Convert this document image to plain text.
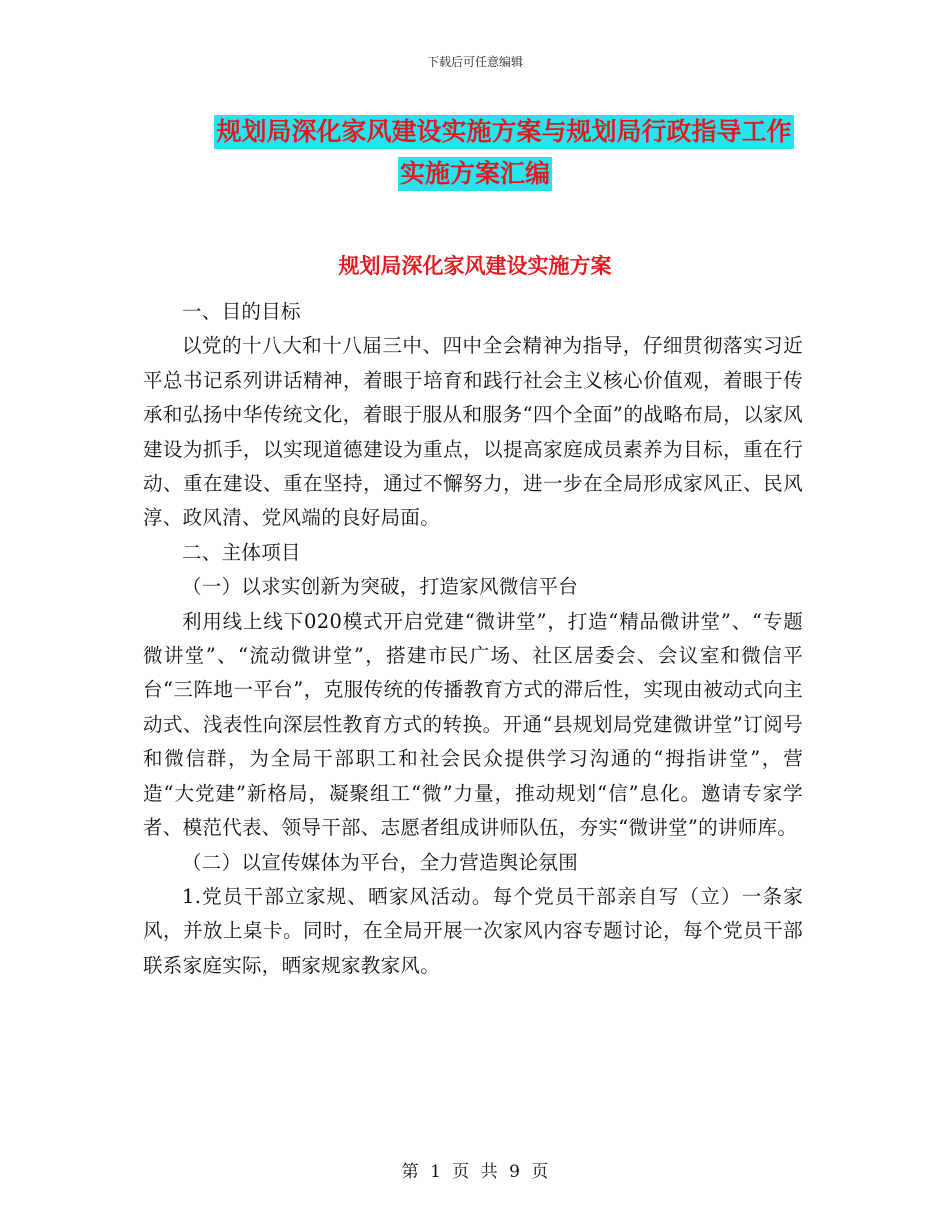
下载后可任意编辑
规划局深化家风建设实施方案与规划局行政指导工作
实施方案汇编
规划局深化家风建设实施方案

一、目的目标

以党的十八大和十八届三中、四中全会精神为指导，仔细贯彻落实习近平总书记系列讲话精神，着眼于培育和践行社会主义核心价值观，着眼于传承和弘扬中华传统文化，着眼于服从和服务“四个全面”的战略布局，以家风建设为抓手，以实现道德建设为重点，以提高家庭成员素养为目标，重在行动、重在建设、重在坚持，通过不懈努力，进一步在全局形成家风正、民风淳、政风清、党风端的良好局面。

二、主体项目

（一）以求实创新为突破，打造家风微信平台

利用线上线下020模式开启党建“微讲堂”，打造“精品微讲堂”、“专题微讲堂”、“流动微讲堂”，搭建市民广场、社区居委会、会议室和微信平台“三阵地一平台”，克服传统的传播教育方式的滞后性，实现由被动式向主动式、浅表性向深层性教育方式的转换。开通“县规划局党建微讲堂”订阅号和微信群，为全局干部职工和社会民众提供学习沟通的“拇指讲堂”，营造“大党建”新格局，凝聚组工“微”力量，推动规划“信”息化。邀请专家学者、模范代表、领导干部、志愿者组成讲师队伍，夯实“微讲堂”的讲师库。

（二）以宣传媒体为平台，全力营造舆论氛围

1.党员干部立家规、晒家风活动。每个党员干部亲自写（立）一条家风，并放上桌卡。同时，在全局开展一次家风内容专题讨论，每个党员干部联系家庭实际，晒家规家教家风。

第 1 页 共 9 页
